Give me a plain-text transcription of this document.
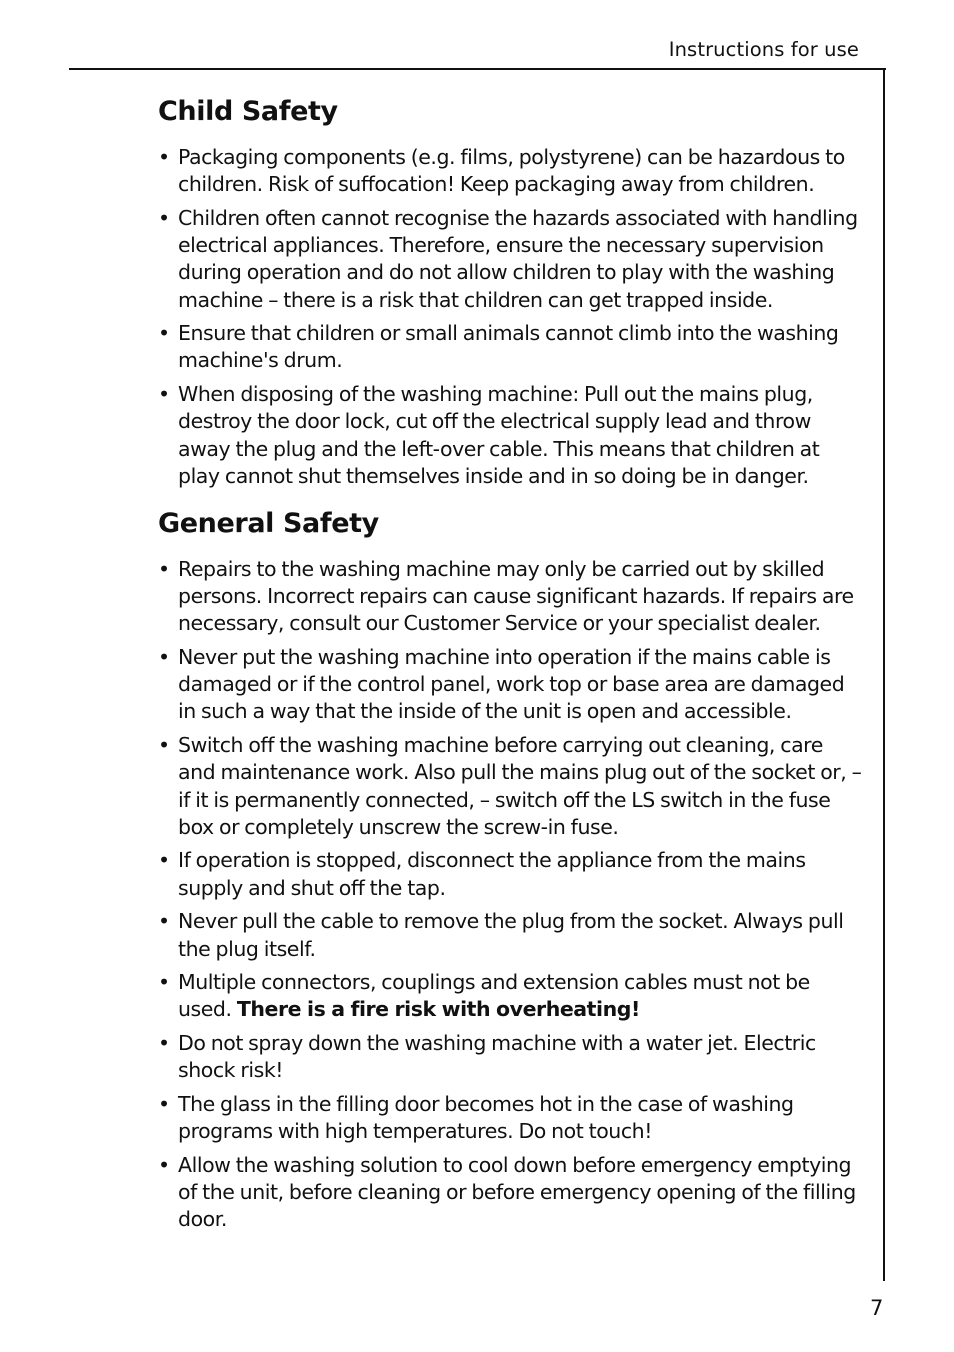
Instructions for use
Child Safety
• Packaging components (e.g. films, polystyrene) can be hazardous to children. Risk of suffocation! Keep packaging away from children.
• Children often cannot recognise the hazards associated with handling electrical appliances. Therefore, ensure the necessary supervision during operation and do not allow children to play with the washing machine – there is a risk that children can get trapped inside.
• Ensure that children or small animals cannot climb into the washing machine's drum.
• When disposing of the washing machine: Pull out the mains plug, destroy the door lock, cut off the electrical supply lead and throw away the plug and the left-over cable. This means that children at play cannot shut themselves inside and in so doing be in danger.
General Safety
• Repairs to the washing machine may only be carried out by skilled persons. Incorrect repairs can cause significant hazards. If repairs are necessary, consult our Customer Service or your specialist dealer.
• Never put the washing machine into operation if the mains cable is damaged or if the control panel, work top or base area are damaged in such a way that the inside of the unit is open and accessible.
• Switch off the washing machine before carrying out cleaning, care and maintenance work. Also pull the mains plug out of the socket or, – if it is permanently connected, – switch off the LS switch in the fuse box or completely unscrew the screw-in fuse.
• If operation is stopped, disconnect the appliance from the mains supply and shut off the tap.
• Never pull the cable to remove the plug from the socket. Always pull the plug itself.
• Multiple connectors, couplings and extension cables must not be used. There is a fire risk with overheating!
• Do not spray down the washing machine with a water jet. Electric shock risk!
• The glass in the filling door becomes hot in the case of washing programs with high temperatures. Do not touch!
• Allow the washing solution to cool down before emergency emptying of the unit, before cleaning or before emergency opening of the filling door.
7
